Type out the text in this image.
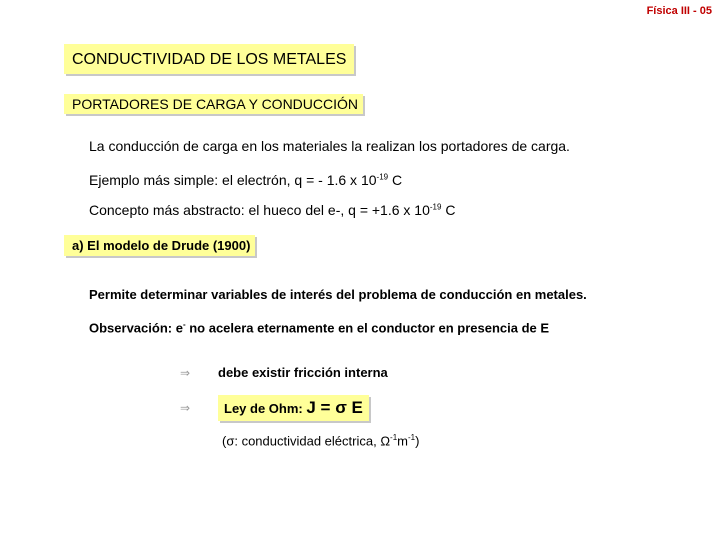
Física III - 05
CONDUCTIVIDAD DE LOS METALES
PORTADORES DE CARGA Y CONDUCCIÓN
La conducción de carga en los materiales la realizan los portadores de carga.
Ejemplo más simple: el electrón, q = - 1.6 x $10^{-19}$ C
Concepto más abstracto: el hueco del e-, q = +1.6 x $10^{-19}$ C
a) El modelo de Drude (1900)
Permite determinar variables de interés del problema de conducción en metales.
Observación: e- no acelera eternamente en el conductor en presencia de E
⇒ debe existir fricción interna
⇒	Ley de Ohm: J = σ E
(σ: conductividad eléctrica, $\Omega^{-1}m^{-1}$)
